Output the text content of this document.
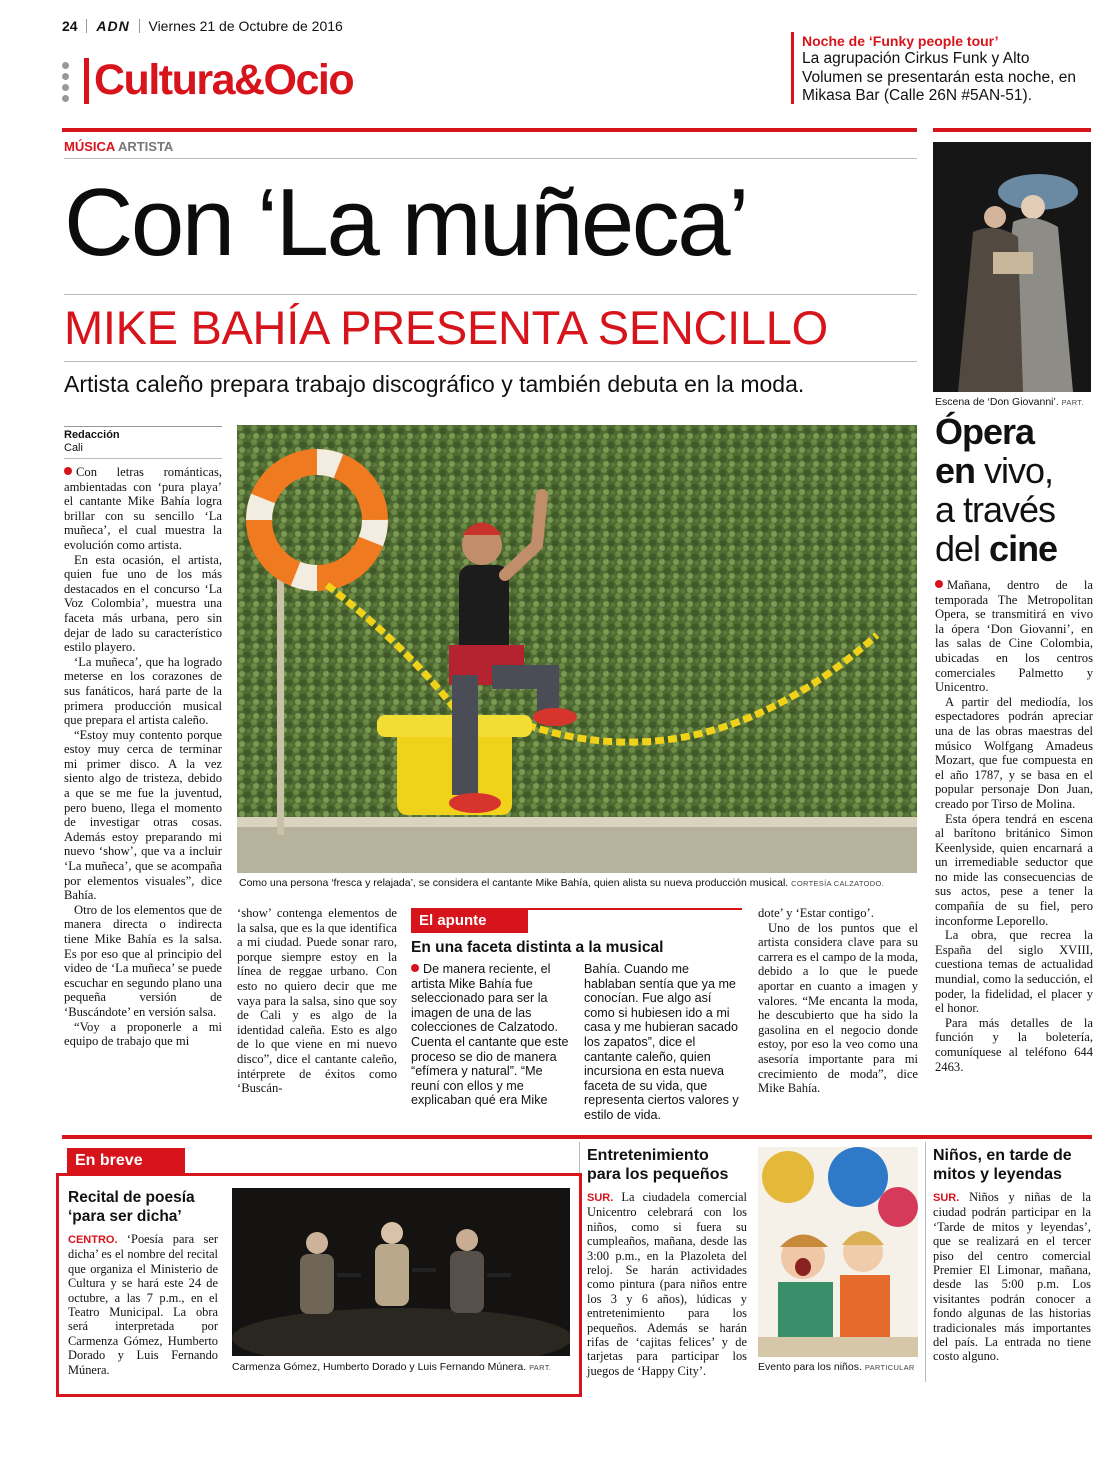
24 ADN Viernes 21 de Octubre de 2016
Cultura&Ocio
Noche de ‘Funky people tour’
La agrupación Cirkus Funk y Alto Volumen se presentarán esta noche, en Mikasa Bar (Calle 26N #5AN-51).
MÚSICA ARTISTA
Con ‘La muñeca’
MIKE BAHÍA PRESENTA SENCILLO
Artista caleño prepara trabajo discográfico y también debuta en la moda.
Redacción
Cali

Con letras románticas, ambientadas con ‘pura playa’ el cantante Mike Bahía logra brillar con su sencillo ‘La muñeca’, el cual muestra la evolución como artista.

En esta ocasión, el artista, quien fue uno de los más destacados en el concurso ‘La Voz Colombia’, muestra una faceta más urbana, pero sin dejar de lado su característico estilo playero.

‘La muñeca’, que ha logrado meterse en los corazones de sus fanáticos, hará parte de la primera producción musical que prepara el artista caleño.

“Estoy muy contento porque estoy muy cerca de terminar mi primer disco. A la vez siento algo de tristeza, debido a que se me fue la juventud, pero bueno, llega el momento de investigar otras cosas. Además estoy preparando mi nuevo ‘show’, que va a incluir ‘La muñeca’, que se acompaña por elementos visuales”, dice Bahía.

Otro de los elementos que de manera directa o indirecta tiene Mike Bahía es la salsa. Es por eso que al principio del video de ‘La muñeca’ se puede escuchar en segundo plano una pequeña versión de ‘Buscándote’ en versión salsa.

“Voy a proponerle a mi equipo de trabajo que mi

Como una persona ‘fresca y relajada’, se considera el cantante Mike Bahía, quien alista su nueva producción musical. CORTESÍA CALZATODO.

‘show’ contenga elementos de la salsa, que es la que identifica a mi ciudad. Puede sonar raro, porque siempre estoy en la línea de reggae urbano. Con esto no quiero decir que me vaya para la salsa, sino que soy de Cali y es algo de la identidad caleña. Esto es algo de lo que viene en mi nuevo disco”, dice el cantante caleño, intérprete de éxitos como ‘Buscán-

El apunte
En una faceta distinta a la musical

De manera reciente, el artista Mike Bahía fue seleccionado para ser la imagen de una de las colecciones de Calzatodo. Cuenta el cantante que este proceso se dio de manera “efímera y natural”. “Me reuní con ellos y me explicaban qué era Mike

Bahía. Cuando me hablaban sentía que ya me conocían. Fue algo así como si hubiesen ido a mi casa y me hubieran sacado los zapatos”, dice el cantante caleño, quien incursiona en esta nueva faceta de su vida, que representa ciertos valores y estilo de vida.

dote’ y ‘Estar contigo’.

Uno de los puntos que el artista considera clave para su carrera es el campo de la moda, debido a lo que le puede aportar en cuanto a imagen y valores. “Me encanta la moda, he descubierto que ha sido la gasolina en el negocio donde estoy, por eso la veo como una asesoría importante para mi crecimiento de moda”, dice Mike Bahía.

Escena de ‘Don Giovanni’. PART.
Ópera
en vivo,
a través
del cine

Mañana, dentro de la temporada The Metropolitan Opera, se transmitirá en vivo la ópera ‘Don Giovanni’, en las salas de Cine Colombia, ubicadas en los centros comerciales Palmetto y Unicentro.

A partir del mediodía, los espectadores podrán apreciar una de las obras maestras del músico Wolfgang Amadeus Mozart, que fue compuesta en el año 1787, y se basa en el popular personaje Don Juan, creado por Tirso de Molina.

Esta ópera tendrá en escena al barítono británico Simon Keenlyside, quien encarnará a un irremediable seductor que no mide las consecuencias de sus actos, pese a tener la compañía de su fiel, pero inconforme Leporello.

La obra, que recrea la España del siglo XVIII, cuestiona temas de actualidad mundial, como la seducción, el poder, la fidelidad, el placer y el honor.

Para más detalles de la función y la boletería, comuníquese al teléfono 644 2463.

En breve
Recital de poesía ‘para ser dicha’

CENTRO. ‘Poesía para ser dicha’ es el nombre del recital que organiza el Ministerio de Cultura y se hará este 24 de octubre, a las 7 p.m., en el Teatro Municipal. La obra será interpretada por Carmenza Gómez, Humberto Dorado y Luis Fernando Múnera.	Carmenza Gómez, Humberto Dorado y Luis Fernando Múnera. PART.
Entretenimiento para los pequeños

SUR. La ciudadela comercial Unicentro celebrará con los niños, como si fuera su cumpleaños, mañana, desde las 3:00 p.m., en la Plazoleta del reloj. Se harán actividades como pintura (para niños entre los 3 y 6 años), lúdicas y entretenimiento para los pequeños. Además se harán rifas de ‘cajitas felices’ y de tarjetas para participar los juegos de ‘Happy City’.	Evento para los niños. PARTICULAR
Niños, en tarde de mitos y leyendas

SUR. Niños y niñas de la ciudad podrán participar en la ‘Tarde de mitos y leyendas’, que se realizará en el tercer piso del centro comercial Premier El Limonar, mañana, desde las 5:00 p.m. Los visitantes podrán conocer a fondo algunas de las historias tradicionales más importantes del país. La entrada no tiene costo alguno.
